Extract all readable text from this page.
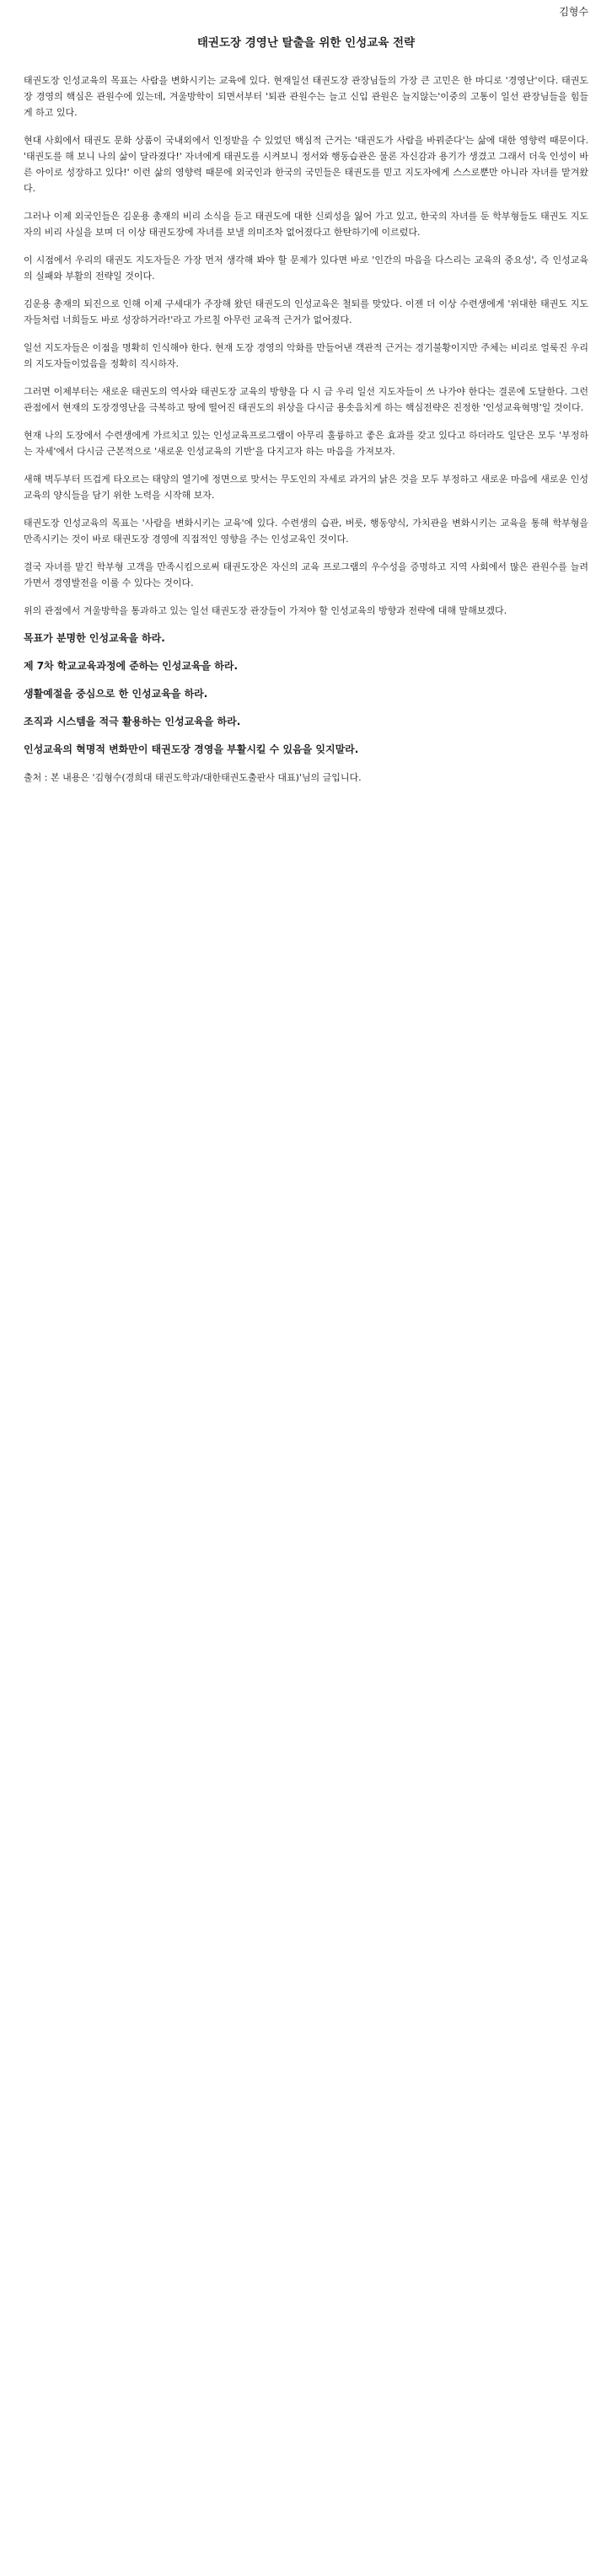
김형수
태권도장 경영난 탈출을 위한 인성교육 전략

태권도장 인성교육의 목표는 사람을 변화시키는 교육에 있다. 현재일선 태권도장 관장님들의 가장 큰 고민은 한 마디로 '경영난'이다. 태권도장 경영의 핵심은 관원수에 있는데, 겨울방학이 되면서부터 '퇴관 관원수는 늘고 신입 관원은 늘지않는'이중의 고통이 일선 관장님들을 힘들게 하고 있다.

현대 사회에서 태권도 문화 상품이 국내외에서 인정받을 수 있었던 핵심적 근거는 '태권도가 사람을 바꿔준다'는 삶에 대한 영향력 때문이다. '태권도를 해 보니 나의 삶이 달라졌다!' 자녀에게 태권도를 시켜보니 정서와 행동습관은 물론 자신감과 용기가 생겼고 그래서 더욱 인성이 바른 아이로 성장하고 있다!' 이런 삶의 영향력 때문에 외국인과 한국의 국민들은 태권도를 믿고 지도자에게 스스로뿐만 아니라 자녀를 맡겨왔다.

그러나 이제 외국인들은 김운용 총재의 비리 소식을 듣고 태권도에 대한 신뢰성을 잃어 가고 있고, 한국의 자녀를 둔 학부형들도 태권도 지도자의 비리 사실을 보며 더 이상 태권도장에 자녀를 보낼 의미조차 없어졌다고 한탄하기에 이르렀다.

이 시점에서 우리의 태권도 지도자들은 가장 먼저 생각해 봐야 할 문제가 있다면 바로 '인간의 마음을 다스리는 교육의 중요성', 즉 인성교육의 실패와 부활의 전략일 것이다.

김운용 총재의 퇴진으로 인해 이제 구세대가 주장해 왔던 태권도의 인성교육은 철퇴를 맞았다. 이젠 더 이상 수련생에게 '위대한 태권도 지도자들처럼 너희들도 바로 성장하거라!'라고 가르칠 아무런 교육적 근거가 없어졌다.

일선 지도자들은 이점을 명확히 인식해야 한다. 현재 도장 경영의 악화를 만들어낸 객관적 근거는 경기불황이지만 주체는 비리로 얼룩진 우리의 지도자들이었음을 정확히 직시하자.

그러면 이제부터는 새로운 태권도의 역사와 태권도장 교육의 방향을 다 시 금 우리 일선 지도자들이 쓰 나가야 한다는 결론에 도달한다. 그런 관점에서 현재의 도장경영난을 극복하고 땅에 떨어진 태권도의 위상을 다시금 용솟음치게 하는 핵심전략은 진정한 '인성교육혁명'일 것이다.

현재 나의 도장에서 수련생에게 가르치고 있는 인성교육프로그램이 아무리 훌륭하고 좋은 효과를 갖고 있다고 하더라도 일단은 모두 '부정하는 자세'에서 다시금 근본적으로 '새로운 인성교육의 기반'을 다지고자 하는 마음을 가져보자.

새해 벽두부터 뜨겁게 타오르는 태양의 열기에 정면으로 맞서는 무도인의 자세로 과거의 낡은 것을 모두 부정하고 새로운 마음에 새로운 인성교육의 양식들을 담기 위한 노력을 시작해 보자.

태권도장 인성교육의 목표는 '사람을 변화시키는 교육'에 있다. 수련생의 습관, 버릇, 행동양식, 가치관을 변화시키는 교육을 통해 학부형을 만족시키는 것이 바로 태권도장 경영에 직접적인 영향을 주는 인성교육인 것이다.

결국 자녀를 맡긴 학부형 고객을 만족시킴으로써 태권도장은 자신의 교육 프로그램의 우수성을 증명하고 지역 사회에서 많은 관원수를 늘려가면서 경영발전을 이룰 수 있다는 것이다.

위의 관점에서 겨울방학을 통과하고 있는 일선 태권도장 관장들이 가져야 할 인성교육의 방향과 전략에 대해 말해보겠다.

목표가 분명한 인성교육을 하라.
제 7차 학교교육과정에 준하는 인성교육을 하라.
생활예절을 중심으로 한 인성교육을 하라.
조직과 시스템을 적극 활용하는 인성교육을 하라.
인성교육의 혁명적 변화만이 태권도장 경영을 부활시킬 수 있음을 잊지말라.

출처 : 본 내용은 '김형수(경희대 태권도학과/대한태권도출판사 대표)'님의 글입니다.
